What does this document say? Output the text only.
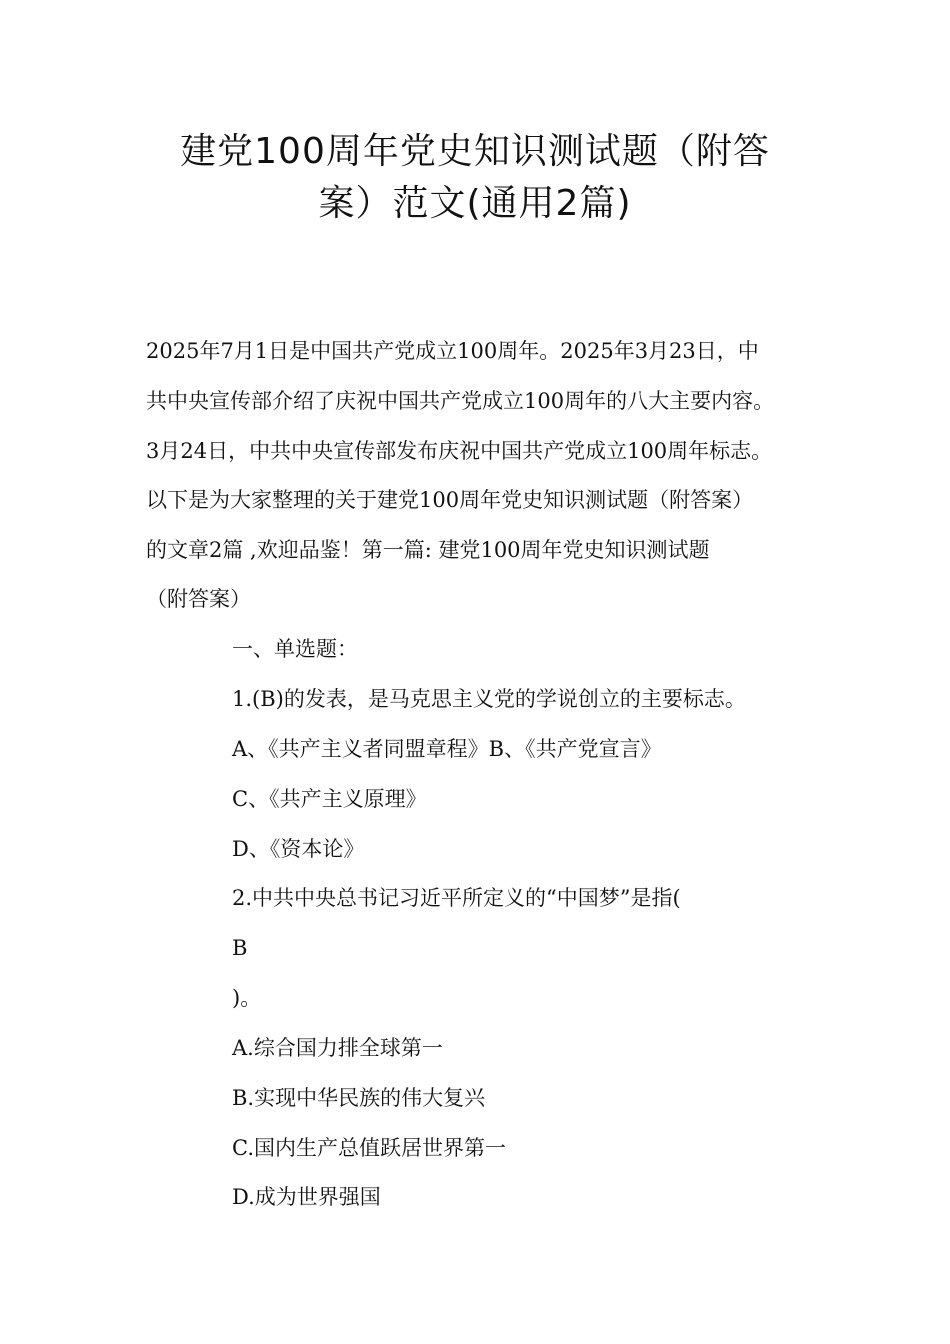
建党100周年党史知识测试题（附答
案）范文(通用2篇)

2025年7月1日是中国共产党成立100周年。2025年3月23日，中

共中央宣传部介绍了庆祝中国共产党成立100周年的八大主要内容。

3月24日，中共中央宣传部发布庆祝中国共产党成立100周年标志。

以下是为大家整理的关于建党100周年党史知识测试题（附答案）

的文章2篇 ,欢迎品鉴！第一篇: 建党100周年党史知识测试题

（附答案）

一、单选题：

1.(B)的发表，是马克思主义党的学说创立的主要标志。

A、《共产主义者同盟章程》B、《共产党宣言》

C、《共产主义原理》

D、《资本论》

2.中共中央总书记习近平所定义的“中国梦”是指(

B

)。

A.综合国力排全球第一

B.实现中华民族的伟大复兴

C.国内生产总值跃居世界第一

D.成为世界强国
